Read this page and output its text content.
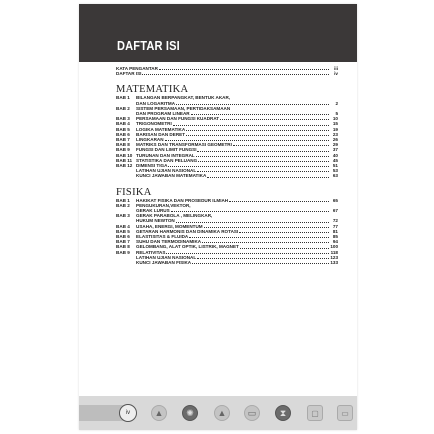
DAFTAR ISI
KATA PENGANTAR	iii
DAFTAR ISI	iv
MATEMATIKA
BAB 1	BILANGAN BERPANGKAT, BENTUK AKAR,
DAN LOGARITMA	2
BAB 2	SISTEM PERSAMAAN, PERTIDAKSAMAAN
DAN PROGRAM LINEAR	5
BAB 3	PERSAMAAN DAN FUNGSI KUADRAT	10
BAB 4	TRIGONOMETRI	15
BAB 5	LOGIKA MATEMATIKA	19
BAB 6	BARISAN DAN DERET	23
BAB 7	LINGKARAN	26
BAB 8	MATRIKS DAN TRANSFORMASI GEOMETRI	29
BAB 9	FUNGSI DAN LIMIT FUNGSI	37
BAB 10 TURUNAN DAN INTEGRAL	40
BAB 11 STATISTIKA DAN PELUANG	45
BAB 12 DIMENSI TIGA	51
LATIHAN UJIAN NASIONAL	53
KUNCI JAWABAN MATEMATIKA	63
FISIKA
BAB 1	HAKIKAT FISIKA DAN PROSEDUR ILMIAH	65
BAB 2	PENGUKURAN,VEKTOR,
GERAK LURUS	67
BAB 3	GERAK PARABOLA , MELINGKAR,
HUKUM NEWTON	72
BAB 4	USAHA, ENERGI, MOMENTUM	77
BAB 5	GETARAN HARMONIS DAN DINAMIKA ROTASI	81
BAB 6	ELASTISITAS & FLUIDA	85
BAB 7	SUHU DAN TERMODINAMIKA	94
BAB 8	GELOMBANG, ALAT OPTIK, LISTRIK, MAGNET	100
BAB 9	RELATIVITAS	118
LATIHAN UJIAN NASIONAL	123
KUNCI JAWABAN FISIKA	133
iv	▲	✺	▲	▭	⧗	▢	▭
